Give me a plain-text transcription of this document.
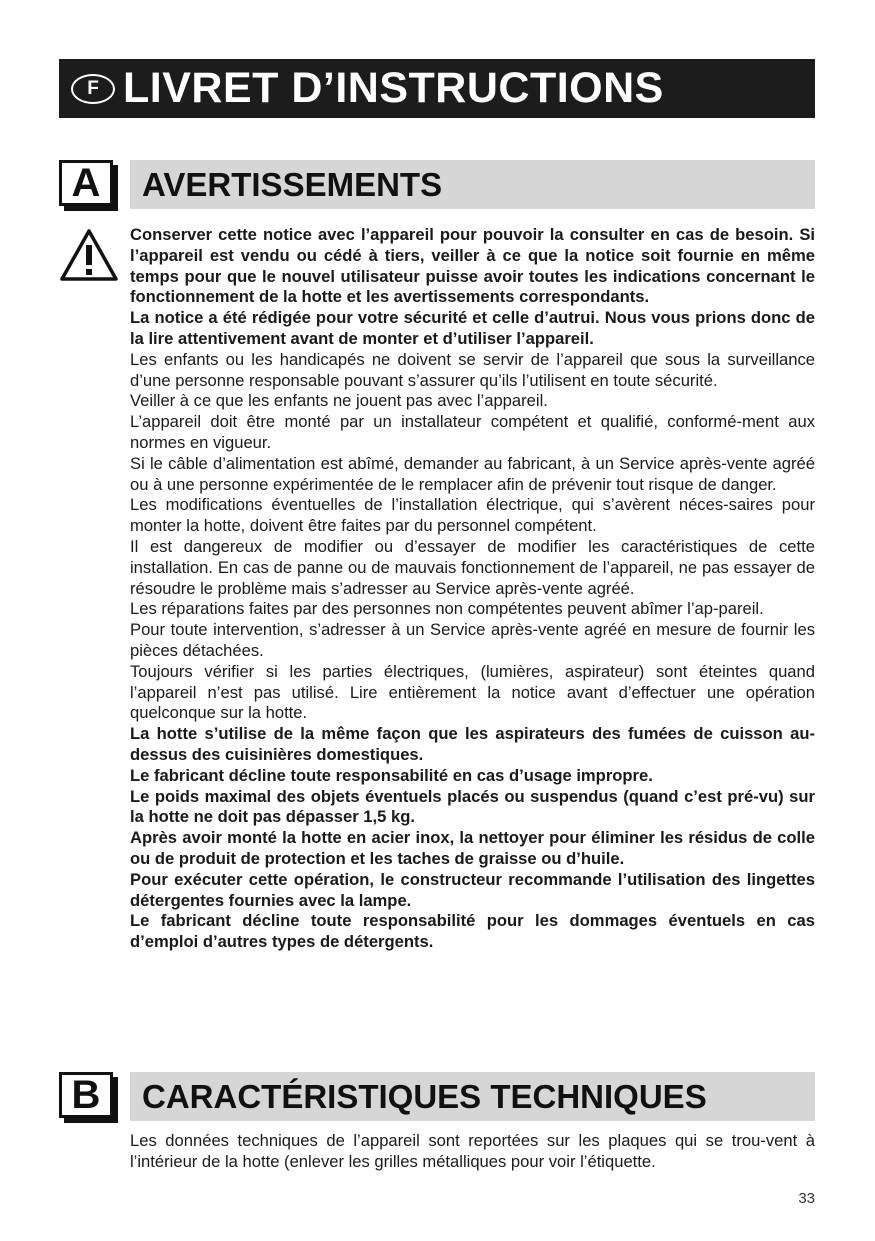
F LIVRET D’INSTRUCTIONS
A	AVERTISSEMENTS

Conserver cette notice avec l’appareil pour pouvoir la consulter en cas de besoin. Si l’appareil est vendu ou cédé à tiers, veiller à ce que la notice soit fournie en même temps pour que le nouvel utilisateur puisse avoir toutes les indications concernant le fonctionnement de la hotte et les avertissements correspondants.

La notice a été rédigée pour votre sécurité et celle d’autrui. Nous vous prions donc de la lire attentivement avant de monter et d’utiliser l’appareil.

Les enfants ou les handicapés ne doivent se servir de l’appareil que sous la surveillance d’une personne responsable pouvant s’assurer qu’ils l’utilisent en toute sécurité.

Veiller à ce que les enfants ne jouent pas avec l’appareil.

L’appareil doit être monté par un installateur compétent et qualifié, conformé-ment aux normes en vigueur.

Si le câble d’alimentation est abîmé, demander au fabricant, à un Service après-vente agréé ou à une personne expérimentée de le remplacer afin de prévenir tout risque de danger.

Les modifications éventuelles de l’installation électrique, qui s’avèrent néces-saires pour monter la hotte, doivent être faites par du personnel compétent.

Il est dangereux de modifier ou d’essayer de modifier les caractéristiques de cette installation. En cas de panne ou de mauvais fonctionnement de l’appareil, ne pas essayer de résoudre le problème mais s’adresser au Service après-vente agréé.

Les réparations faites par des personnes non compétentes peuvent abîmer l’ap-pareil.

Pour toute intervention, s’adresser à un Service après-vente agréé en mesure de fournir les pièces détachées.

Toujours vérifier si les parties électriques, (lumières, aspirateur) sont éteintes quand l’appareil n’est pas utilisé. Lire entièrement la notice avant d’effectuer une opération quelconque sur la hotte.

La hotte s’utilise de la même façon que les aspirateurs des fumées de cuisson au-dessus des cuisinières domestiques.

Le fabricant décline toute responsabilité en cas d’usage impropre.

Le poids maximal des objets éventuels placés ou suspendus (quand c’est pré-vu) sur la hotte ne doit pas dépasser 1,5 kg.

Après avoir monté la hotte en acier inox, la nettoyer pour éliminer les résidus de colle ou de produit de protection et les taches de graisse ou d’huile.

Pour exécuter cette opération, le constructeur recommande l’utilisation des lingettes détergentes fournies avec la lampe.

Le fabricant décline toute responsabilité pour les dommages éventuels en cas d’emploi d’autres types de détergents.

B	CARACTÉRISTIQUES TECHNIQUES

Les données techniques de l’appareil sont reportées sur les plaques qui se trou-vent à l’intérieur de la hotte (enlever les grilles métalliques pour voir l’étiquette.

33
